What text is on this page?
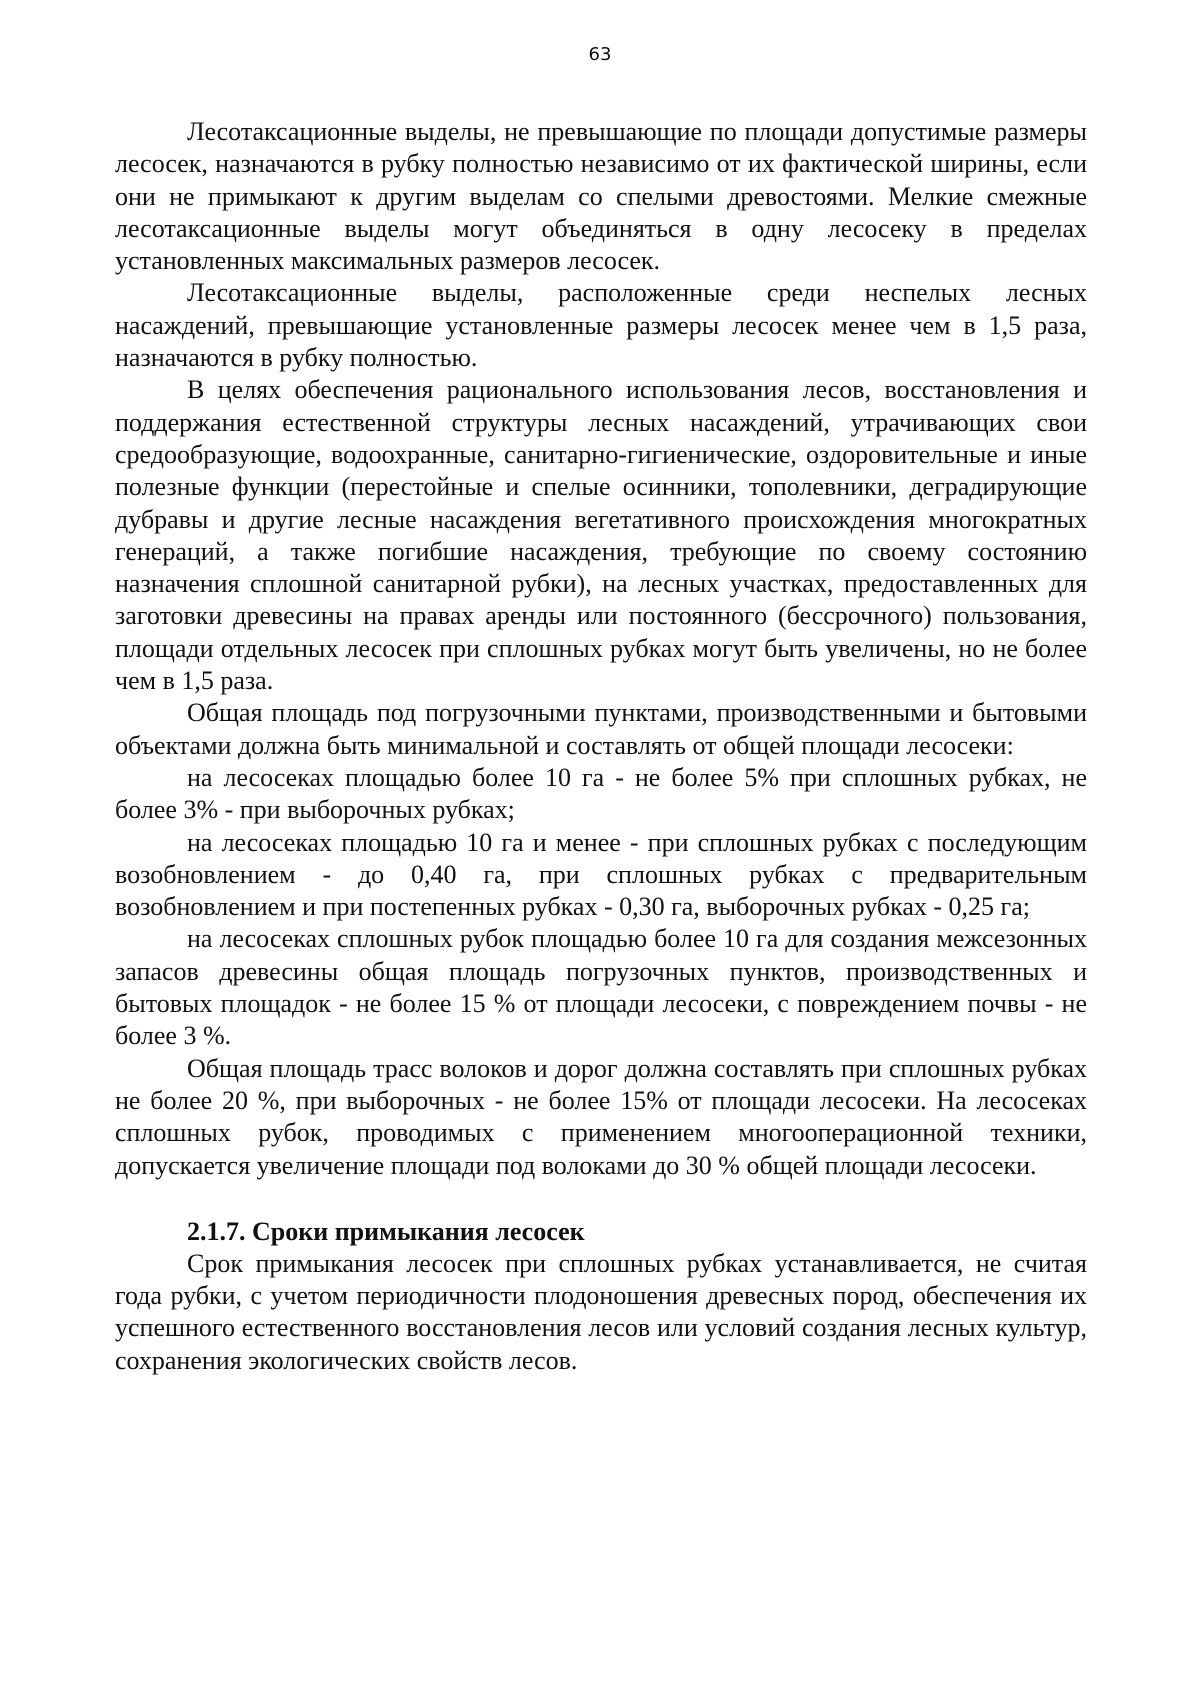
63

Лесотаксационные выделы, не превышающие по площади допустимые размеры лесосек, назначаются в рубку полностью независимо от их фактической ширины, если они не примыкают к другим выделам со спелыми древостоями. Мелкие смежные лесотаксационные выделы могут объединяться в одну лесосеку в пределах установленных максимальных размеров лесосек.

Лесотаксационные выделы, расположенные среди неспелых лесных насаждений, превышающие установленные размеры лесосек менее чем в 1,5 раза, назначаются в рубку полностью.

В целях обеспечения рационального использования лесов, восстановления и поддержания естественной структуры лесных насаждений, утрачивающих свои средообразующие, водоохранные, санитарно-гигиенические, оздоровительные и иные полезные функции (перестойные и спелые осинники, тополевники, деградирующие дубравы и другие лесные насаждения вегетативного происхождения многократных генераций, а также погибшие насаждения, требующие по своему состоянию назначения сплошной санитарной рубки), на лесных участках, предоставленных для заготовки древесины на правах аренды или постоянного (бессрочного) пользования, площади отдельных лесосек при сплошных рубках могут быть увеличены, но не более чем в 1,5 раза.

Общая площадь под погрузочными пунктами, производственными и бытовыми объектами должна быть минимальной и составлять от общей площади лесосеки:

на лесосеках площадью более 10 га - не более 5% при сплошных рубках, не более 3% - при выборочных рубках;

на лесосеках площадью 10 га и менее - при сплошных рубках с последующим возобновлением - до 0,40 га, при сплошных рубках с предварительным возобновлением и при постепенных рубках - 0,30 га, выборочных рубках - 0,25 га;

на лесосеках сплошных рубок площадью более 10 га для создания межсезонных запасов древесины общая площадь погрузочных пунктов, производственных и бытовых площадок - не более 15 % от площади лесосеки, с повреждением почвы - не более 3 %.

Общая площадь трасс волоков и дорог должна составлять при сплошных рубках не более 20 %, при выборочных - не более 15% от площади лесосеки. На лесосеках сплошных рубок, проводимых с применением многооперационной техники, допускается увеличение площади под волоками до 30 % общей площади лесосеки.

2.1.7. Сроки примыкания лесосек

Срок примыкания лесосек при сплошных рубках устанавливается, не считая года рубки, с учетом периодичности плодоношения древесных пород, обеспечения их успешного естественного восстановления лесов или условий создания лесных культур, сохранения экологических свойств лесов.
